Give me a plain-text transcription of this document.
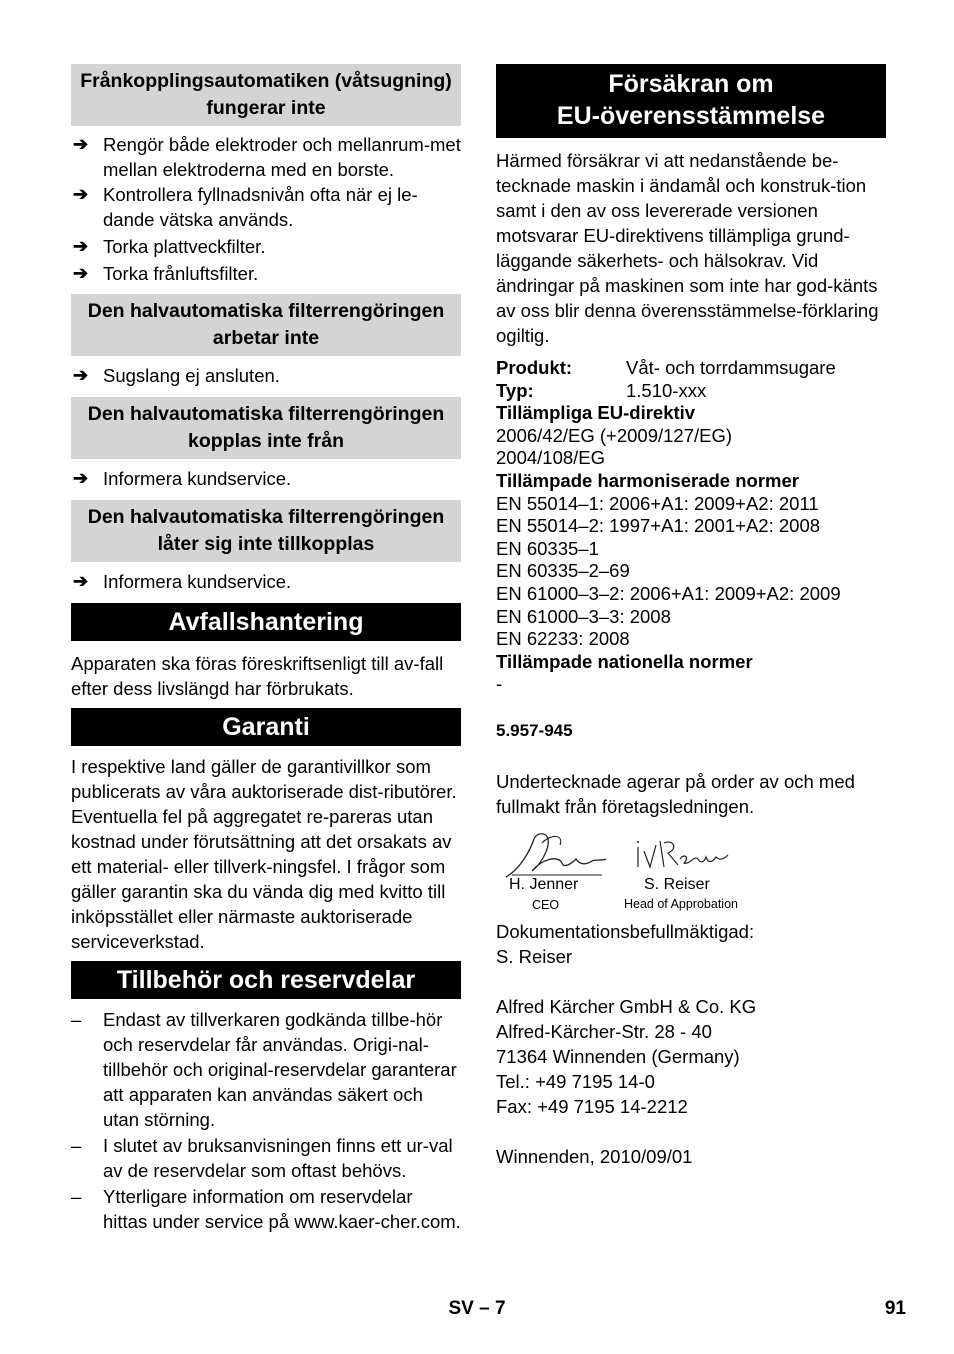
Frånkopplingsautomatiken (våtsugning) fungerar inte
➔ Rengör både elektroder och mellanrum-met mellan elektroderna med en borste.
➔ Kontrollera fyllnadsnivån ofta när ej le-dande vätska används.
➔ Torka plattveckfilter.
➔ Torka frånluftsfilter.
Den halvautomatiska filterrengöringen arbetar inte
➔ Sugslang ej ansluten.
Den halvautomatiska filterrengöringen kopplas inte från
➔ Informera kundservice.
Den halvautomatiska filterrengöringen låter sig inte tillkopplas
➔ Informera kundservice.
Avfallshantering

Apparaten ska föras föreskriftsenligt till av-fall efter dess livslängd har förbrukats.

Garanti

I respektive land gäller de garantivillkor som publicerats av våra auktoriserade dist-ributörer. Eventuella fel på aggregatet re-pareras utan kostnad under förutsättning att det orsakats av ett material- eller tillverk-ningsfel. I frågor som gäller garantin ska du vända dig med kvitto till inköpsstället eller närmaste auktoriserade serviceverkstad.

Tillbehör och reservdelar
– Endast av tillverkaren godkända tillbe-hör och reservdelar får användas. Origi-nal-tillbehör och original-reservdelar garanterar att apparaten kan användas säkert och utan störning.
– I slutet av bruksanvisningen finns ett ur-val av de reservdelar som oftast behövs.
– Ytterligare information om reservdelar hittas under service på www.kaer-cher.com.
Försäkran om
EU-överensstämmelse

Härmed försäkrar vi att nedanstående be-tecknade maskin i ändamål och konstruk-tion samt i den av oss levererade versionen motsvarar EU-direktivens tillämpliga grund-läggande säkerhets- och hälsokrav. Vid ändringar på maskinen som inte har god-känts av oss blir denna överensstämmelse-förklaring ogiltig.

Produkt:	Våt- och torrdammsugare
Typ:	1.510-xxx
Tillämpliga EU-direktiv
2006/42/EG (+2009/127/EG)
2004/108/EG
Tillämpade harmoniserade normer
EN 55014–1: 2006+A1: 2009+A2: 2011
EN 55014–2: 1997+A1: 2001+A2: 2008
EN 60335–1
EN 60335–2–69
EN 61000–3–2: 2006+A1: 2009+A2: 2009
EN 61000–3–3: 2008
EN 62233: 2008
Tillämpade nationella normer
-
5.957-945

Undertecknade agerar på order av och med fullmakt från företagsledningen.

H. Jenner
CEO
S. Reiser
Head of Approbation
Dokumentationsbefullmäktigad:
S. Reiser
Alfred Kärcher GmbH & Co. KG
Alfred-Kärcher-Str. 28 - 40
71364 Winnenden (Germany)
Tel.: +49 7195 14-0
Fax: +49 7195 14-2212
Winnenden, 2010/09/01
SV – 7	91
